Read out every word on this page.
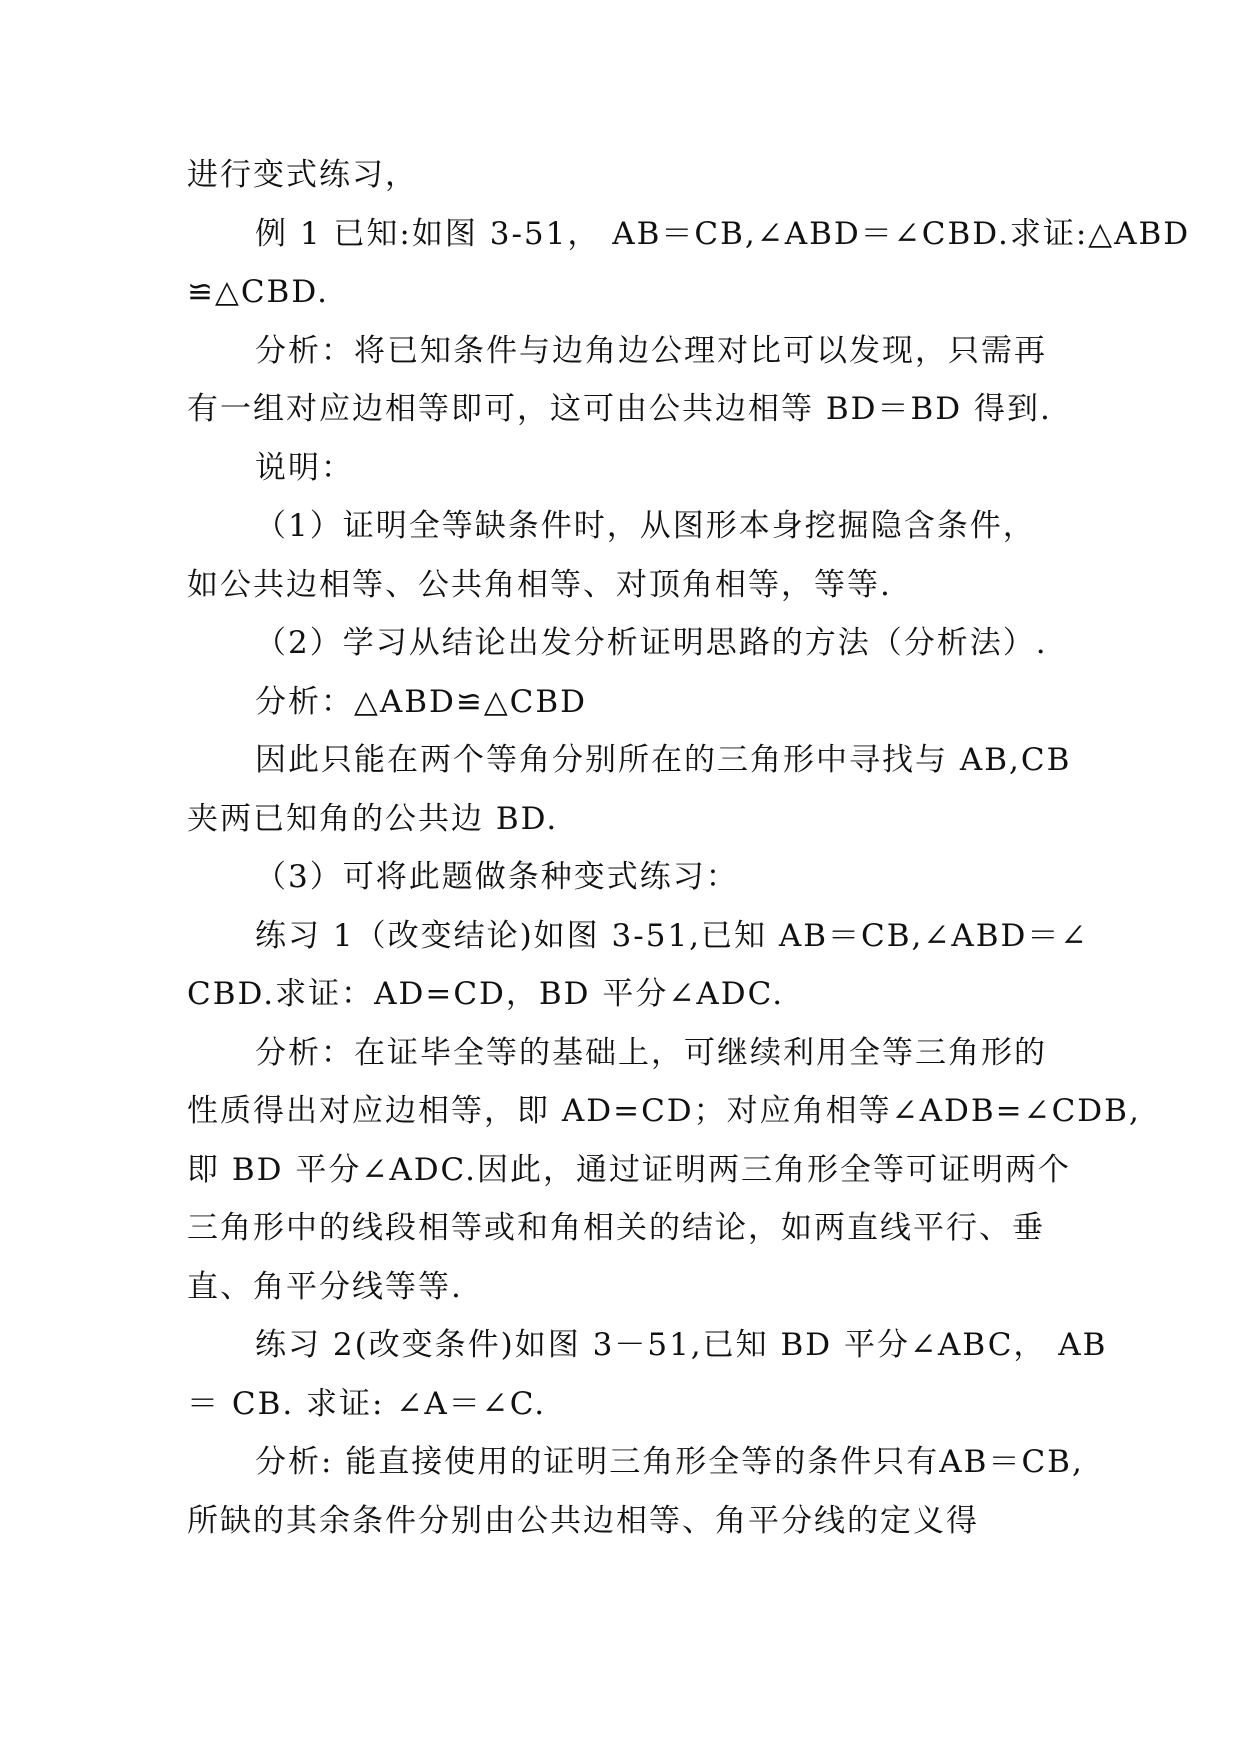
进行变式练习，
例 1 已知:如图 3-51， AB＝CB,∠ABD＝∠CBD.求证:△ABD
≌△CBD.
分析：将已知条件与边角边公理对比可以发现，只需再
有一组对应边相等即可，这可由公共边相等 BD＝BD 得到.
说明：
（1）证明全等缺条件时，从图形本身挖掘隐含条件，
如公共边相等、公共角相等、对顶角相等，等等.
（2）学习从结论出发分析证明思路的方法（分析法）.
分析：△ABD≌△CBD
因此只能在两个等角分别所在的三角形中寻找与 AB,CB
夹两已知角的公共边 BD.
（3）可将此题做条种变式练习：
练习 1（改变结论)如图 3-51,已知 AB＝CB,∠ABD＝∠
CBD.求证：AD=CD，BD 平分∠ADC.
分析：在证毕全等的基础上，可继续利用全等三角形的
性质得出对应边相等，即 AD=CD；对应角相等∠ADB=∠CDB,
即 BD 平分∠ADC.因此，通过证明两三角形全等可证明两个
三角形中的线段相等或和角相关的结论，如两直线平行、垂
直、角平分线等等.
练习 2(改变条件)如图 3－51,已知 BD 平分∠ABC， AB
＝ CB. 求证: ∠A＝∠C.
分析: 能直接使用的证明三角形全等的条件只有AB＝CB,
所缺的其余条件分别由公共边相等、角平分线的定义得
